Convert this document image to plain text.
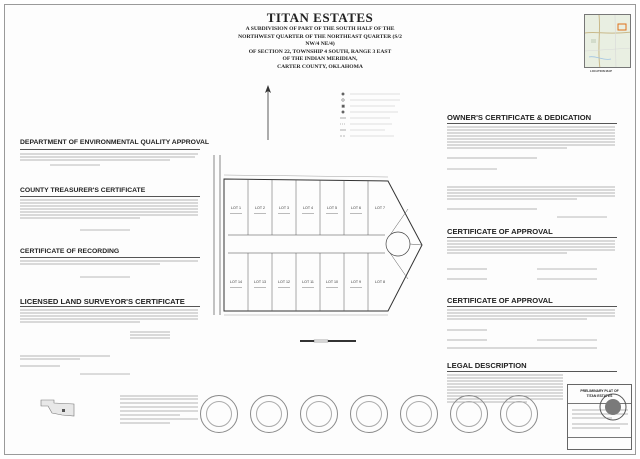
TITAN ESTATES
A SUBDIVISION OF PART OF THE SOUTH HALF OF THE
NORTHWEST QUARTER OF THE NORTHEAST QUARTER (S/2 NW/4 NE/4)
OF SECTION 22, TOWNSHIP 4 SOUTH, RANGE 3 EAST
OF THE INDIAN MERIDIAN,
CARTER COUNTY, OKLAHOMA
LOCATION MAP
DEPARTMENT OF ENVIRONMENTAL QUALITY APPROVAL
COUNTY TREASURER'S CERTIFICATE
CERTIFICATE OF RECORDING
LICENSED LAND SURVEYOR'S CERTIFICATE
LOT 1	LOT 2	LOT 3	LOT 4	LOT 5	LOT 6	LOT 7
LOT 14	LOT 13	LOT 12	LOT 11	LOT 10	LOT 9	LOT 8
OWNER'S CERTIFICATE & DEDICATION
CERTIFICATE OF APPROVAL
CERTIFICATE OF APPROVAL
LEGAL DESCRIPTION
PRELIMINARY PLAT OF
TITAN ESTATES
